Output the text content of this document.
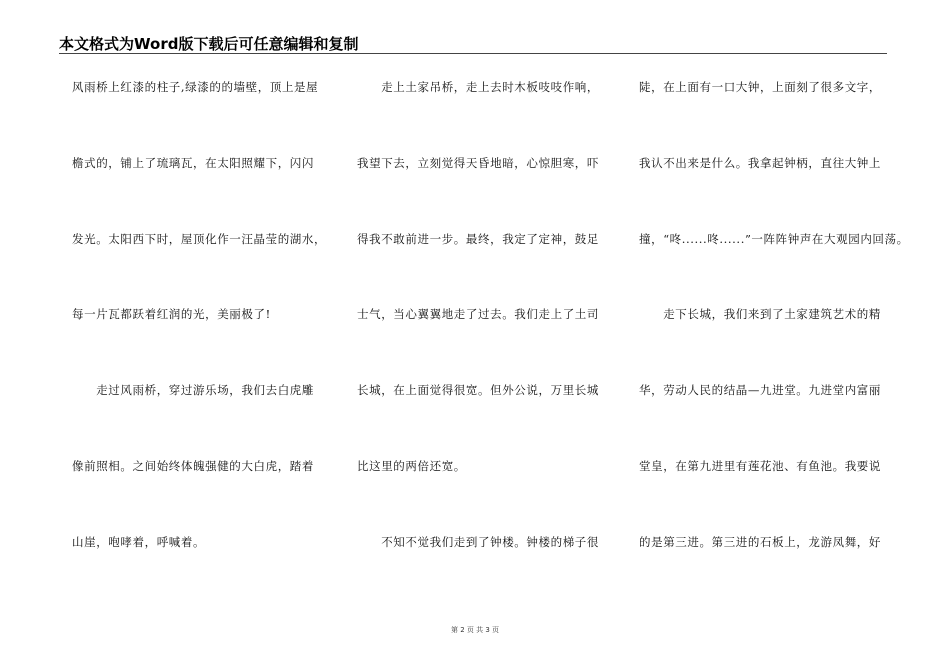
本文格式为Word版下载后可任意编辑和复制
风雨桥上红漆的柱子,绿漆的的墙壁，顶上是屋
檐式的，铺上了琉璃瓦，在太阳照耀下，闪闪
发光。太阳西下时，屋顶化作一汪晶莹的湖水，
每一片瓦都跃着红润的光，美丽极了!
　　走过风雨桥，穿过游乐场，我们去白虎雕
像前照相。之间始终体魄强健的大白虎，踏着
山崖，咆哮着，呼喊着。
　　走上土家吊桥，走上去时木板吱吱作响，
我望下去，立刻觉得天昏地暗，心惊胆寒，吓
得我不敢前进一步。最终，我定了定神，鼓足
士气，当心翼翼地走了过去。我们走上了土司
长城，在上面觉得很宽。但外公说，万里长城
比这里的两倍还宽。
　　不知不觉我们走到了钟楼。钟楼的梯子很
陡，在上面有一口大钟，上面刻了很多文字，
我认不出来是什么。我拿起钟柄，直往大钟上
撞，“咚......咚......”一阵阵钟声在大观园内回荡。
　　走下长城，我们来到了土家建筑艺术的精
华，劳动人民的结晶—九进堂。九进堂内富丽
堂皇，在第九进里有莲花池、有鱼池。我要说
的是第三进。第三进的石板上，龙游凤舞，好
第 2 页 共 3 页
